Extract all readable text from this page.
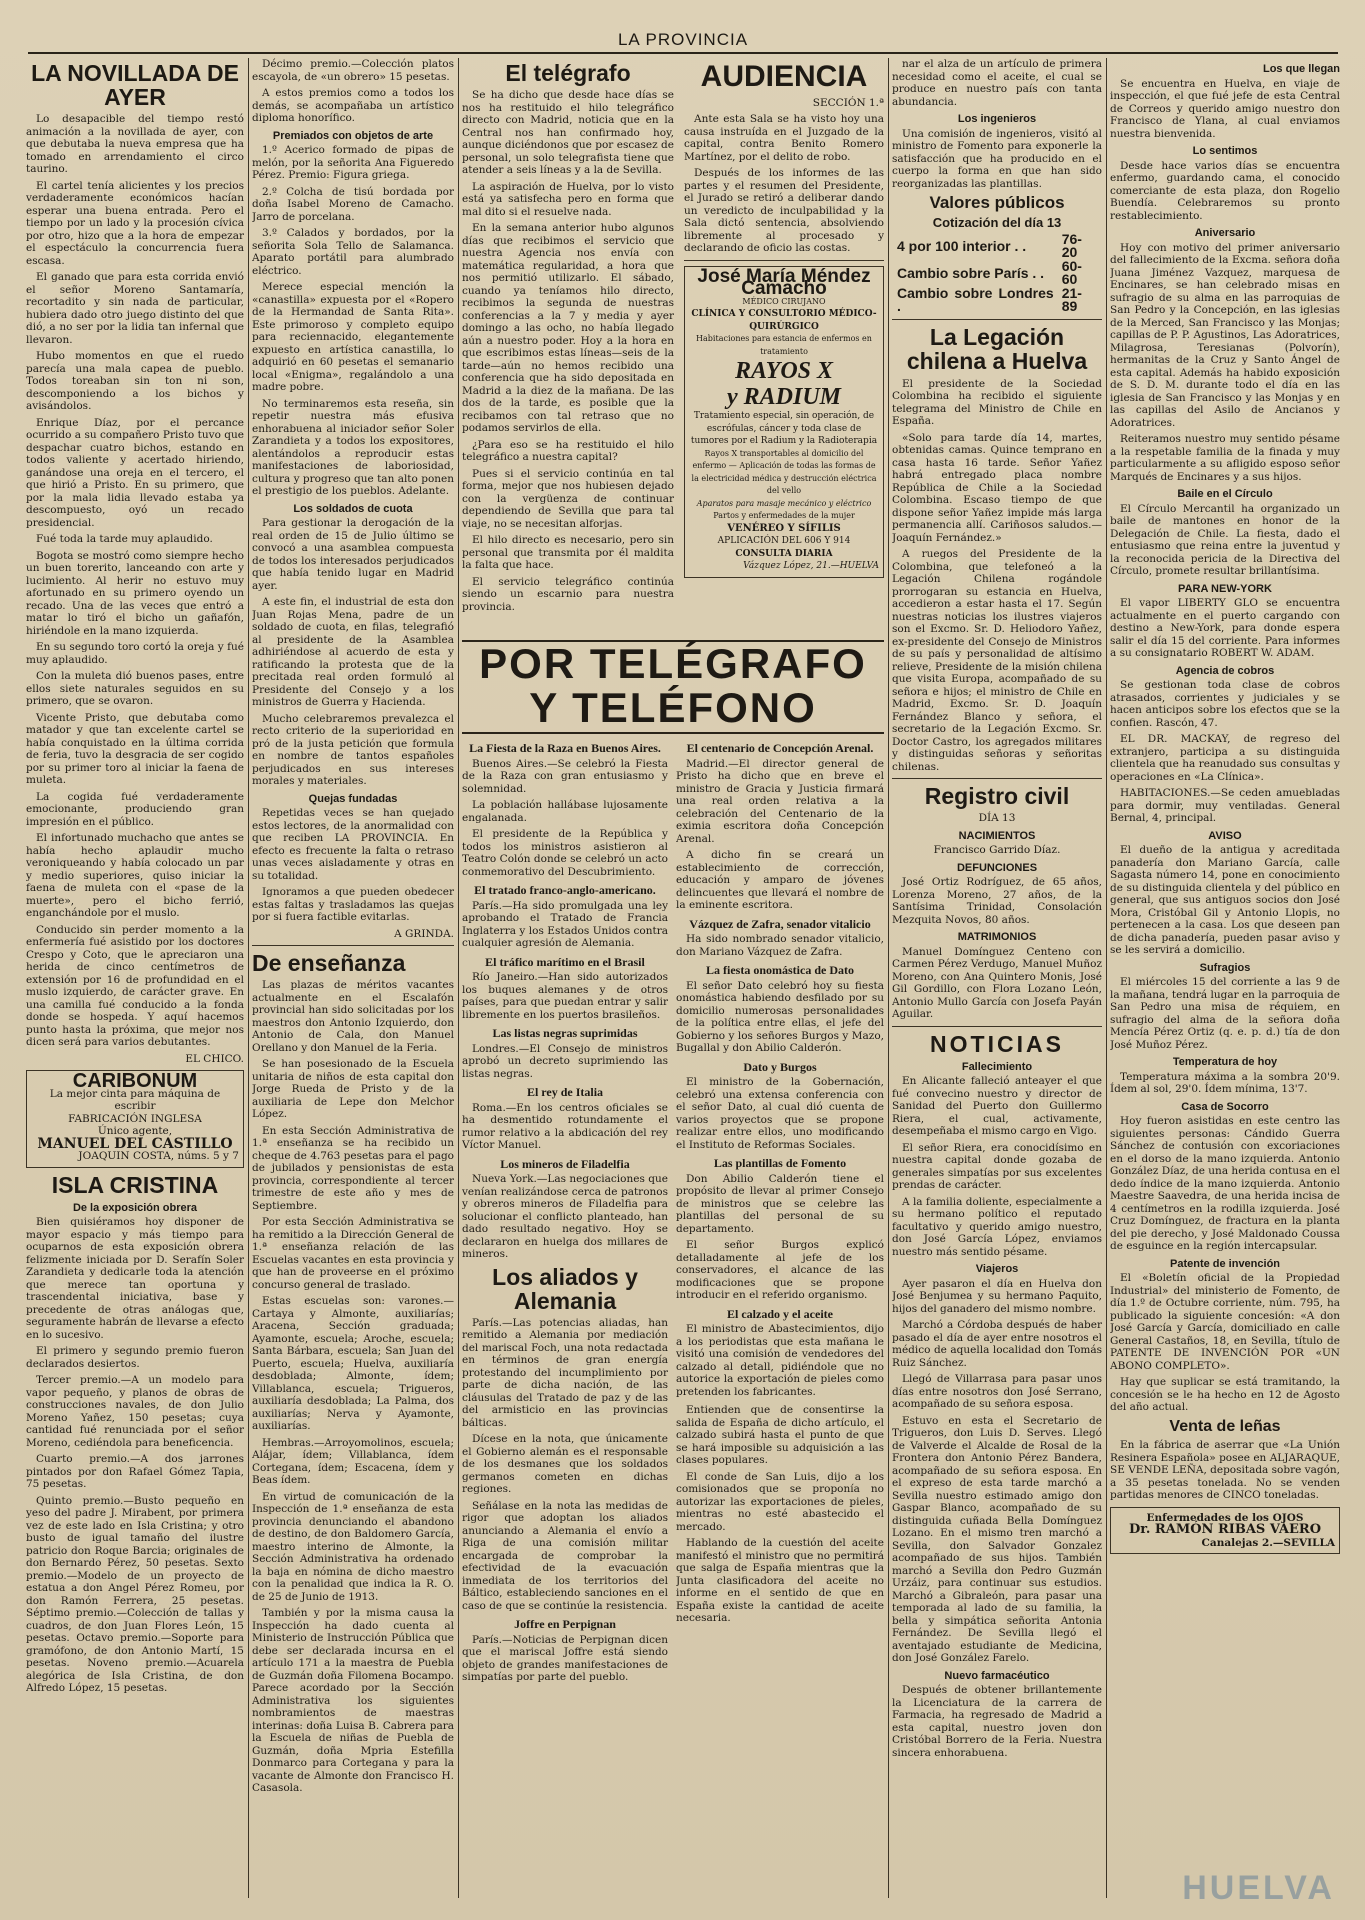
LA PROVINCIA
LA NOVILLADA DE AYER

Lo desapacible del tiempo restó animación a la novillada de ayer, con que debutaba la nueva empresa que ha tomado en arrendamiento el circo taurino.

El cartel tenía alicientes y los precios verdaderamente económicos hacían esperar una buena entrada. Pero el tiempo por un lado y la procesión cívica por otro, hizo que a la hora de empezar el espectáculo la concurrencia fuera escasa.

El ganado que para esta corrida envió el señor Moreno Santamaría, recortadito y sin nada de particular, hubiera dado otro juego distinto del que dió, a no ser por la lidia tan infernal que llevaron.

Hubo momentos en que el ruedo parecía una mala capea de pueblo. Todos toreaban sin ton ni son, descomponiendo a los bichos y avisándolos.

Enrique Díaz, por el percance ocurrido a su compañero Pristo tuvo que despachar cuatro bichos, estando en todos valiente y acertado hiriendo, ganándose una oreja en el tercero, el que hirió a Pristo. En su primero, que por la mala lidia llevado estaba ya descompuesto, oyó un recado presidencial.

Fué toda la tarde muy aplaudido.

Bogota se mostró como siempre hecho un buen torerito, lanceando con arte y lucimiento. Al herir no estuvo muy afortunado en su primero oyendo un recado. Una de las veces que entró a matar lo tiró el bicho un gañafón, hiriéndole en la mano izquierda.

En su segundo toro cortó la oreja y fué muy aplaudido.

Con la muleta dió buenos pases, entre ellos siete naturales seguidos en su primero, que se ovaron.

Vicente Pristo, que debutaba como matador y que tan excelente cartel se había conquistado en la última corrida de feria, tuvo la desgracia de ser cogido por su primer toro al iniciar la faena de muleta.

La cogida fué verdaderamente emocionante, produciendo gran impresión en el público.

El infortunado muchacho que antes se había hecho aplaudir mucho veroniqueando y había colocado un par y medio superiores, quiso iniciar la faena de muleta con el «pase de la muerte», pero el bicho ferrió, enganchándole por el muslo.

Conducido sin perder momento a la enfermería fué asistido por los doctores Crespo y Coto, que le apreciaron una herida de cinco centímetros de extensión por 16 de profundidad en el muslo izquierdo, de carácter grave. En una camilla fué conducido a la fonda donde se hospeda. Y aquí hacemos punto hasta la próxima, que mejor nos dicen será para varios debutantes.

EL CHICO.

CARIBONUM
La mejor cinta para máquina de escribir
FABRICACIÓN INGLESA
Único agente,
MANUEL DEL CASTILLO
JOAQUIN COSTA, núms. 5 y 7
ISLA CRISTINA
De la exposición obrera

Bien quisiéramos hoy disponer de mayor espacio y más tiempo para ocuparnos de esta exposición obrera felizmente iniciada por D. Serafín Soler Zarandieta y dedicarle toda la atención que merece tan oportuna y trascendental iniciativa, base y precedente de otras análogas que, seguramente habrán de llevarse a efecto en lo sucesivo.

El primero y segundo premio fueron declarados desiertos.

Tercer premio.—A un modelo para vapor pequeño, y planos de obras de construcciones navales, de don Julio Moreno Yañez, 150 pesetas; cuya cantidad fué renunciada por el señor Moreno, cediéndola para beneficencia.

Cuarto premio.—A dos jarrones pintados por don Rafael Gómez Tapia, 75 pesetas.

Quinto premio.—Busto pequeño en yeso del padre J. Mirabent, por primera vez de este lado en Isla Cristina; y otro busto de igual tamaño del ilustre patricio don Roque Barcia; originales de don Bernardo Pérez, 50 pesetas. Sexto premio.—Modelo de un proyecto de estatua a don Angel Pérez Romeu, por don Ramón Ferrera, 25 pesetas. Séptimo premio.—Colección de tallas y cuadros, de don Juan Flores León, 15 pesetas. Octavo premio.—Soporte para gramófono, de don Antonio Martí, 15 pesetas. Noveno premio.—Acuarela alegórica de Isla Cristina, de don Alfredo López, 15 pesetas.

Décimo premio.—Colección platos escayola, de «un obrero» 15 pesetas.

A estos premios como a todos los demás, se acompañaba un artístico diploma honorífico.

Premiados con objetos de arte

1.º Acerico formado de pipas de melón, por la señorita Ana Figueredo Pérez. Premio: Figura griega.

2.º Colcha de tisú bordada por doña Isabel Moreno de Camacho. Jarro de porcelana.

3.º Calados y bordados, por la señorita Sola Tello de Salamanca. Aparato portátil para alumbrado eléctrico.

Merece especial mención la «canastilla» expuesta por el «Ropero de la Hermandad de Santa Rita». Este primoroso y completo equipo para reciennacido, elegantemente expuesto en artística canastilla, lo adquirió en 60 pesetas el semanario local «Enigma», regalándolo a una madre pobre.

No terminaremos esta reseña, sin repetir nuestra más efusiva enhorabuena al iniciador señor Soler Zarandieta y a todos los expositores, alentándolos a reproducir estas manifestaciones de laboriosidad, cultura y progreso que tan alto ponen el prestigio de los pueblos. Adelante.

Los soldados de cuota

Para gestionar la derogación de la real orden de 15 de Julio último se convocó a una asamblea compuesta de todos los interesados perjudicados que había tenido lugar en Madrid ayer.

A este fin, el industrial de esta don Juan Rojas Mena, padre de un soldado de cuota, en filas, telegrafió al presidente de la Asamblea adhiriéndose al acuerdo de esta y ratificando la protesta que de la precitada real orden formuló al Presidente del Consejo y a los ministros de Guerra y Hacienda.

Mucho celebraremos prevalezca el recto criterio de la superioridad en pró de la justa petición que formula en nombre de tantos españoles perjudicados en sus intereses morales y materiales.

Quejas fundadas

Repetidas veces se han quejado estos lectores, de la anormalidad con que reciben LA PROVINCIA. En efecto es frecuente la falta o retraso unas veces aisladamente y otras en su totalidad.

Ignoramos a que pueden obedecer estas faltas y trasladamos las quejas por si fuera factible evitarlas.

A GRINDA.

De enseñanza

Las plazas de méritos vacantes actualmente en el Escalafón provincial han sido solicitadas por los maestros don Antonio Izquierdo, don Antonio de Cala, don Manuel Orellano y don Manuel de la Feria.

Se han posesionado de la Escuela unitaria de niños de esta capital don Jorge Rueda de Pristo y de la auxiliaria de Lepe don Melchor López.

En esta Sección Administrativa de 1.ª enseñanza se ha recibido un cheque de 4.763 pesetas para el pago de jubilados y pensionistas de esta provincia, correspondiente al tercer trimestre de este año y mes de Septiembre.

Por esta Sección Administrativa se ha remitido a la Dirección General de 1.ª enseñanza relación de las Escuelas vacantes en esta provincia y que han de proveerse en el próximo concurso general de traslado.

Estas escuelas son: varones.—Cartaya y Almonte, auxiliarías; Aracena, Sección graduada; Ayamonte, escuela; Aroche, escuela; Santa Bárbara, escuela; San Juan del Puerto, escuela; Huelva, auxiliaría desdoblada; Almonte, ídem; Villablanca, escuela; Trigueros, auxiliaría desdoblada; La Palma, dos auxiliarías; Nerva y Ayamonte, auxiliarías.

Hembras.—Arroyomolinos, escuela; Alájar, ídem; Villablanca, ídem Cortegana, ídem; Escacena, ídem y Beas ídem.

En virtud de comunicación de la Inspección de 1.ª enseñanza de esta provincia denunciando el abandono de destino, de don Baldomero García, maestro interino de Almonte, la Sección Administrativa ha ordenado la baja en nómina de dicho maestro con la penalidad que indica la R. O. de 25 de Junio de 1913.

También y por la misma causa la Inspección ha dado cuenta al Ministerio de Instrucción Pública que debe ser declarada incursa en el artículo 171 a la maestra de Puebla de Guzmán doña Filomena Bocampo. Parece acordado por la Sección Administrativa los siguientes nombramientos de maestras interinas: doña Luisa B. Cabrera para la Escuela de niñas de Puebla de Guzmán, doña Mpria Estefilla Donmarco para Cortegana y para la vacante de Almonte don Francisco H. Casasola.

El telégrafo

Se ha dicho que desde hace días se nos ha restituido el hilo telegráfico directo con Madrid, noticia que en la Central nos han confirmado hoy, aunque diciéndonos que por escasez de personal, un solo telegrafista tiene que atender a seis líneas y a la de Sevilla.

La aspiración de Huelva, por lo visto está ya satisfecha pero en forma que mal dito si el resuelve nada.

En la semana anterior hubo algunos días que recibimos el servicio que nuestra Agencia nos envía con matemática regularidad, a hora que nos permitió utilizarlo. El sábado, cuando ya teníamos hilo directo, recibimos la segunda de nuestras conferencias a la 7 y media y ayer domingo a las ocho, no había llegado aún a nuestro poder. Hoy a la hora en que escribimos estas líneas—seis de la tarde—aún no hemos recibido una conferencia que ha sido depositada en Madrid a la diez de la mañana. De las dos de la tarde, es posible que la recibamos con tal retraso que no podamos servirlos de ella.

¿Para eso se ha restituido el hilo telegráfico a nuestra capital?

Pues si el servicio continúa en tal forma, mejor que nos hubiesen dejado con la vergüenza de continuar dependiendo de Sevilla que para tal viaje, no se necesitan alforjas.

El hilo directo es necesario, pero sin personal que transmita por él maldita la falta que hace.

El servicio telegráfico continúa siendo un escarnio para nuestra provincia.

AUDIENCIA

SECCIÓN 1.ª

Ante esta Sala se ha visto hoy una causa instruída en el Juzgado de la capital, contra Benito Romero Martínez, por el delito de robo.

Después de los informes de las partes y el resumen del Presidente, el Jurado se retiró a deliberar dando un veredicto de inculpabilidad y la Sala dictó sentencia, absolviendo libremente al procesado y declarando de oficio las costas.

José María Méndez Camacho
MÉDICO CIRUJANO
CLÍNICA Y CONSULTORIO MÉDICO-QUIRÚRGICO
Habitaciones para estancia de enfermos en tratamiento
RAYOS X
y RADIUM
Tratamiento especial, sin operación, de escrófulas, cáncer y toda clase de tumores por el Radium y la Radioterapia
Rayos X transportables al domicilio del enfermo — Aplicación de todas las formas de la electricidad médica y destrucción eléctrica del vello
Aparatos para masaje mecánico y eléctrico
Partos y enfermedades de la mujer
VENÉREO Y SÍFILIS
APLICACIÓN DEL 606 Y 914
CONSULTA DIARIA
Vázquez López, 21.—HUELVA
POR TELÉGRAFO
Y TELÉFONO
La Fiesta de la Raza en Buenos Aires.

Buenos Aires.—Se celebró la Fiesta de la Raza con gran entusiasmo y solemnidad.

La población hallábase lujosamente engalanada.

El presidente de la República y todos los ministros asistieron al Teatro Colón donde se celebró un acto conmemorativo del Descubrimiento.

El tratado franco-anglo-americano.

París.—Ha sido promulgada una ley aprobando el Tratado de Francia Inglaterra y los Estados Unidos contra cualquier agresión de Alemania.

El tráfico marítimo en el Brasil

Río Janeiro.—Han sido autorizados los buques alemanes y de otros países, para que puedan entrar y salir libremente en los puertos brasileños.

Las listas negras suprimidas

Londres.—El Consejo de ministros aprobó un decreto suprimiendo las listas negras.

El rey de Italia

Roma.—En los centros oficiales se ha desmentido rotundamente el rumor relativo a la abdicación del rey Víctor Manuel.

Los mineros de Filadelfia

Nueva York.—Las negociaciones que venían realizándose cerca de patronos y obreros mineros de Filadelfia para solucionar el conflicto planteado, han dado resultado negativo. Hoy se declararon en huelga dos millares de mineros.

Los aliados y Alemania

París.—Las potencias aliadas, han remitido a Alemania por mediación del mariscal Foch, una nota redactada en términos de gran energía protestando del incumplimiento por parte de dicha nación, de las cláusulas del Tratado de paz y de las del armisticio en las provincias bálticas.

Dícese en la nota, que únicamente el Gobierno alemán es el responsable de los desmanes que los soldados germanos cometen en dichas regiones.

Señálase en la nota las medidas de rigor que adoptan los aliados anunciando a Alemania el envío a Riga de una comisión militar encargada de comprobar la efectividad de la evacuación inmediata de los territorios del Báltico, estableciendo sanciones en el caso de que se continúe la resistencia.

Joffre en Perpignan

París.—Noticias de Perpignan dicen que el mariscal Joffre está siendo objeto de grandes manifestaciones de simpatías por parte del pueblo.

El centenario de Concepción Arenal.

Madrid.—El director general de Pristo ha dicho que en breve el ministro de Gracia y Justicia firmará una real orden relativa a la celebración del Centenario de la eximia escritora doña Concepción Arenal.

A dicho fin se creará un establecimiento de corrección, educación y amparo de jóvenes delincuentes que llevará el nombre de la eminente escritora.

Vázquez de Zafra, senador vitalicio

Ha sido nombrado senador vitalicio, don Mariano Vázquez de Zafra.

La fiesta onomástica de Dato

El señor Dato celebró hoy su fiesta onomástica habiendo desfilado por su domicilio numerosas personalidades de la política entre ellas, el jefe del Gobierno y los señores Burgos y Mazo, Bugallal y don Abilio Calderón.

Dato y Burgos

El ministro de la Gobernación, celebró una extensa conferencia con el señor Dato, al cual dió cuenta de varios proyectos que se propone realizar entre ellos, uno modificando el Instituto de Reformas Sociales.

Las plantillas de Fomento

Don Abilio Calderón tiene el propósito de llevar al primer Consejo de ministros que se celebre las plantillas del personal de su departamento.

El señor Burgos explicó detalladamente al jefe de los conservadores, el alcance de las modificaciones que se propone introducir en el referido organismo.

El calzado y el aceite

El ministro de Abastecimientos, dijo a los periodistas que esta mañana le visitó una comisión de vendedores del calzado al detall, pidiéndole que no autorice la exportación de pieles como pretenden los fabricantes.

Entienden que de consentirse la salida de España de dicho artículo, el calzado subirá hasta el punto de que se hará imposible su adquisición a las clases populares.

El conde de San Luis, dijo a los comisionados que se proponía no autorizar las exportaciones de pieles, mientras no esté abastecido el mercado.

Hablando de la cuestión del aceite manifestó el ministro que no permitirá que salga de España mientras que la Junta clasificadora del aceite no informe en el sentido de que en España existe la cantidad de aceite necesaria.

nar el alza de un artículo de primera necesidad como el aceite, el cual se produce en nuestro país con tanta abundancia.

Los ingenieros

Una comisión de ingenieros, visitó al ministro de Fomento para exponerle la satisfacción que ha producido en el cuerpo la forma en que han sido reorganizadas las plantillas.

Valores públicos
Cotización del día 13
4 por 100 interior . .	76-20
Cambio sobre París . .	60-60
Cambio sobre Londres .	21-89
La Legación chilena a Huelva

El presidente de la Sociedad Colombina ha recibido el siguiente telegrama del Ministro de Chile en España.

«Solo para tarde día 14, martes, obtenidas camas. Quince temprano en casa hasta 16 tarde. Señor Yañez habrá entregado placa nombre República de Chile a la Sociedad Colombina. Escaso tiempo de que dispone señor Yañez impide más larga permanencia allí. Cariñosos saludos.—Joaquín Fernández.»

A ruegos del Presidente de la Colombina, que telefoneó a la Legación Chilena rogándole prorrogaran su estancia en Huelva, accedieron a estar hasta el 17. Según nuestras noticias los ilustres viajeros son el Excmo. Sr. D. Heliodoro Yañez, ex-presidente del Consejo de Ministros de su país y personalidad de altísimo relieve, Presidente de la misión chilena que visita Europa, acompañado de su señora e hijos; el ministro de Chile en Madrid, Excmo. Sr. D. Joaquín Fernández Blanco y señora, el secretario de la Legación Excmo. Sr. Doctor Castro, los agregados militares y distinguidas señoras y señoritas chilenas.

Registro civil

DÍA 13

NACIMIENTOS

Francisco Garrido Díaz.

DEFUNCIONES

José Ortiz Rodríguez, de 65 años, Lorenza Moreno, 27 años, de la Santísima Trinidad, Consolación Mezquita Novos, 80 años.

MATRIMONIOS

Manuel Domínguez Centeno con Carmen Pérez Verdugo, Manuel Muñoz Moreno, con Ana Quintero Monis, José Gil Gordillo, con Flora Lozano León, Antonio Mullo García con Josefa Payán Aguilar.

NOTICIAS
Fallecimiento

En Alicante falleció anteayer el que fué convecino nuestro y director de Sanidad del Puerto don Guillermo Riera, el cual, activamente, desempeñaba el mismo cargo en Vigo.

El señor Riera, era conocidísimo en nuestra capital donde gozaba de generales simpatías por sus excelentes prendas de carácter.

A la familia doliente, especialmente a su hermano político el reputado facultativo y querido amigo nuestro, don José García López, enviamos nuestro más sentido pésame.

Viajeros

Ayer pasaron el día en Huelva don José Benjumea y su hermano Paquito, hijos del ganadero del mismo nombre.

Marchó a Córdoba después de haber pasado el día de ayer entre nosotros el médico de aquella localidad don Tomás Ruiz Sánchez.

Llegó de Villarrasa para pasar unos días entre nosotros don José Serrano, acompañado de su señora esposa.

Estuvo en esta el Secretario de Trigueros, don Luis D. Serves. Llegó de Valverde el Alcalde de Rosal de la Frontera don Antonio Pérez Bandera, acompañado de su señora esposa. En el expreso de esta tarde marchó a Sevilla nuestro estimado amigo don Gaspar Blanco, acompañado de su distinguida cuñada Bella Domínguez Lozano. En el mismo tren marchó a Sevilla, don Salvador Gonzalez acompañado de sus hijos. También marchó a Sevilla don Pedro Guzmán Urzáiz, para continuar sus estudios. Marchó a Gibraleón, para pasar una temporada al lado de su familia, la bella y simpática señorita Antonia Fernández. De Sevilla llegó el aventajado estudiante de Medicina, don José González Farelo.

Nuevo farmacéutico

Después de obtener brillantemente la Licenciatura de la carrera de Farmacia, ha regresado de Madrid a esta capital, nuestro joven don Cristóbal Borrero de la Feria. Nuestra sincera enhorabuena.

Los que llegan

Se encuentra en Huelva, en viaje de inspección, el que fué jefe de esta Central de Correos y querido amigo nuestro don Francisco de Ylana, al cual enviamos nuestra bienvenida.

Lo sentimos

Desde hace varios días se encuentra enfermo, guardando cama, el conocido comerciante de esta plaza, don Rogelio Buendía. Celebraremos su pronto restablecimiento.

Aniversario

Hoy con motivo del primer aniversario del fallecimiento de la Excma. señora doña Juana Jiménez Vazquez, marquesa de Encinares, se han celebrado misas en sufragio de su alma en las parroquias de San Pedro y la Concepción, en las iglesias de la Merced, San Francisco y las Monjas; capillas de P. P. Agustinos, Las Adoratrices, Milagrosa, Teresianas (Polvorín), hermanitas de la Cruz y Santo Ángel de esta capital. Además ha habido exposición de S. D. M. durante todo el día en las iglesia de San Francisco y las Monjas y en las capillas del Asilo de Ancianos y Adoratrices.

Reiteramos nuestro muy sentido pésame a la respetable familia de la finada y muy particularmente a su afligido esposo señor Marqués de Encinares y a sus hijos.

Baile en el Círculo

El Círculo Mercantil ha organizado un baile de mantones en honor de la Delegación de Chile. La fiesta, dado el entusiasmo que reina entre la juventud y la reconocida pericia de la Directiva del Círculo, promete resultar brillantísima.

PARA NEW-YORK

El vapor LIBERTY GLO se encuentra actualmente en el puerto cargando con destino a New-York, para donde espera salir el día 15 del corriente. Para informes a su consignatario ROBERT W. ADAM.

Agencia de cobros

Se gestionan toda clase de cobros atrasados, corrientes y judiciales y se hacen anticipos sobre los efectos que se la confien. Rascón, 47.

EL DR. MACKAY, de regreso del extranjero, participa a su distinguida clientela que ha reanudado sus consultas y operaciones en «La Clínica».

HABITACIONES.—Se ceden amuebladas para dormir, muy ventiladas. General Bernal, 4, principal.

AVISO

El dueño de la antigua y acreditada panadería don Mariano García, calle Sagasta número 14, pone en conocimiento de su distinguida clientela y del público en general, que sus antiguos socios don José Mora, Cristóbal Gil y Antonio Llopis, no pertenecen a la casa. Los que deseen pan de dicha panadería, pueden pasar aviso y se les servirá a domicilio.

Sufragios

El miércoles 15 del corriente a las 9 de la mañana, tendrá lugar en la parroquia de San Pedro una misa de réquiem, en sufragio del alma de la señora doña Mencía Pérez Ortiz (q. e. p. d.) tía de don José Muñoz Pérez.

Temperatura de hoy

Temperatura máxima a la sombra 20'9. Ídem al sol, 29'0. Ídem mínima, 13'7.

Casa de Socorro

Hoy fueron asistidas en este centro las siguientes personas: Cándido Guerra Sánchez de contusión con excoriaciones en el dorso de la mano izquierda. Antonio González Díaz, de una herida contusa en el dedo índice de la mano izquierda. Antonio Maestre Saavedra, de una herida incisa de 4 centímetros en la rodilla izquierda. José Cruz Domínguez, de fractura en la planta del pie derecho, y José Maldonado Coussa de esguince en la región intercapsular.

Patente de invención

El «Boletín oficial de la Propiedad Industrial» del ministerio de Fomento, de día 1.º de Octubre corriente, núm. 795, ha publicado la siguiente concesión: «A don José García y García, domiciliado en calle General Castaños, 18, en Sevilla, título de PATENTE DE INVENCIÓN POR «UN ABONO COMPLETO».

Hay que suplicar se está tramitando, la concesión se le ha hecho en 12 de Agosto del año actual.

Venta de leñas

En la fábrica de aserrar que «La Unión Resinera Española» posee en ALJARAQUE, SE VENDE LEÑA, depositada sobre vagón, a 35 pesetas tonelada. No se venden partidas menores de CINCO toneladas.

Enfermedades de los OJOS
Dr. RAMÓN RIBAS VAERO
Canalejas 2.—SEVILLA
HUELVA
